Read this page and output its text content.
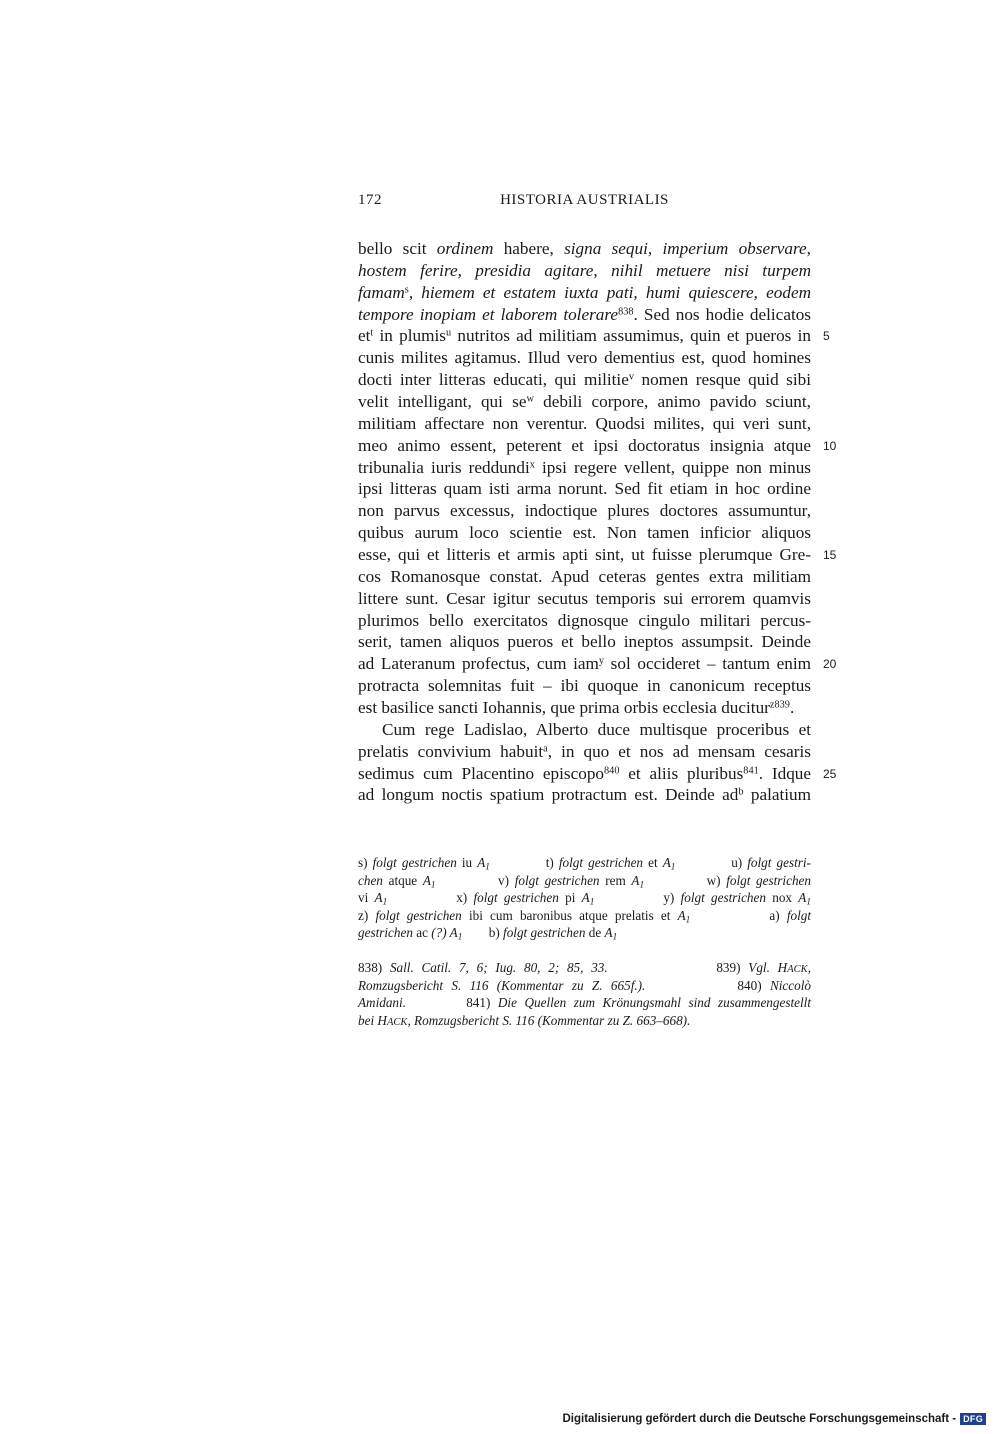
172	HISTORIA AUSTRIALIS
bello scit ordinem habere, signa sequi, imperium observare,
hostem ferire, presidia agitare, nihil metuere nisi turpem
famam$^s$, hiemem et estatem iuxta pati, humi quiescere, eodem
tempore inopiam et laborem tolerare$^{838}$. Sed nos hodie delicatos
$et^t$ in plumis$^u$ nutritos ad militiam assumimus, quin et pueros in 5
cunis milites agitamus. Illud vero dementius est, quod homines
docti inter litteras educati, qui militie$^v$ nomen resque quid sibi
velit intelligant, qui $se^w$ debili corpore, animo pavido sciunt,
militiam affectare non verentur. Quodsi milites, qui veri sunt,
meo animo essent, peterent et ipsi doctoratus insignia atque 10
tribunalia iuris reddundi$^x$ ipsi regere vellent, quippe non minus
ipsi litteras quam isti arma norunt. Sed fit etiam in hoc ordine
non parvus excessus, indoctique plures doctores assumuntur,
quibus aurum loco scientie est. Non tamen inficior aliquos
esse, qui et litteris et armis apti sint, ut fuisse plerumque Gre- 15
cos Romanosque constat. Apud ceteras gentes extra militiam
littere sunt. Cesar igitur secutus temporis sui errorem quamvis
plurimos bello exercitatos dignosque cingulo militari percus-
serit, tamen aliquos pueros et bello ineptos assumpsit. Deinde
ad Lateranum profectus, cum iam$^y$ sol occideret – tantum enim 20
protracta solemnitas fuit – ibi quoque in canonicum receptus
est basilice sancti Iohannis, que prima orbis ecclesia ducitur$^{z839}$.
Cum rege Ladislao, Alberto duce multisque proceribus et
prelatis convivium habuit$^a$, in quo et nos ad mensam cesaris
sedimus cum Placentino episcopo$^{840}$ et aliis pluribus$^{841}$. Idque 25
ad longum noctis spatium protractum est. Deinde $ad^b$ palatium
s) folgt gestrichen iu $A_1$           t) folgt gestrichen et $A_1$           u) folgt gestri-
chen atque $A_1$           v) folgt gestrichen rem $A_1$           w) folgt gestrichen
vi $A_1$           x) folgt gestrichen pi $A_1$           y) folgt gestrichen nox $A_1$
z) folgt gestrichen ibi cum baronibus atque prelatis et $A_1$           a) folgt
gestrichen ac (?) $A_1$        b) folgt gestrichen de $A_1$
838) Sall. Catil. 7, 6; Iug. 80, 2; 85, 33.              839) Vgl. HACK,
Romzugsbericht S. 116 (Kommentar zu Z. 665f.).           840) Niccolò
Amidani.        841) Die Quellen zum Krönungsmahl sind zusammengestellt
bei HACK, Romzugsbericht S. 116 (Kommentar zu Z. 663–668).
Digitalisierung gefördert durch die Deutsche Forschungsgemeinschaft - DFG
